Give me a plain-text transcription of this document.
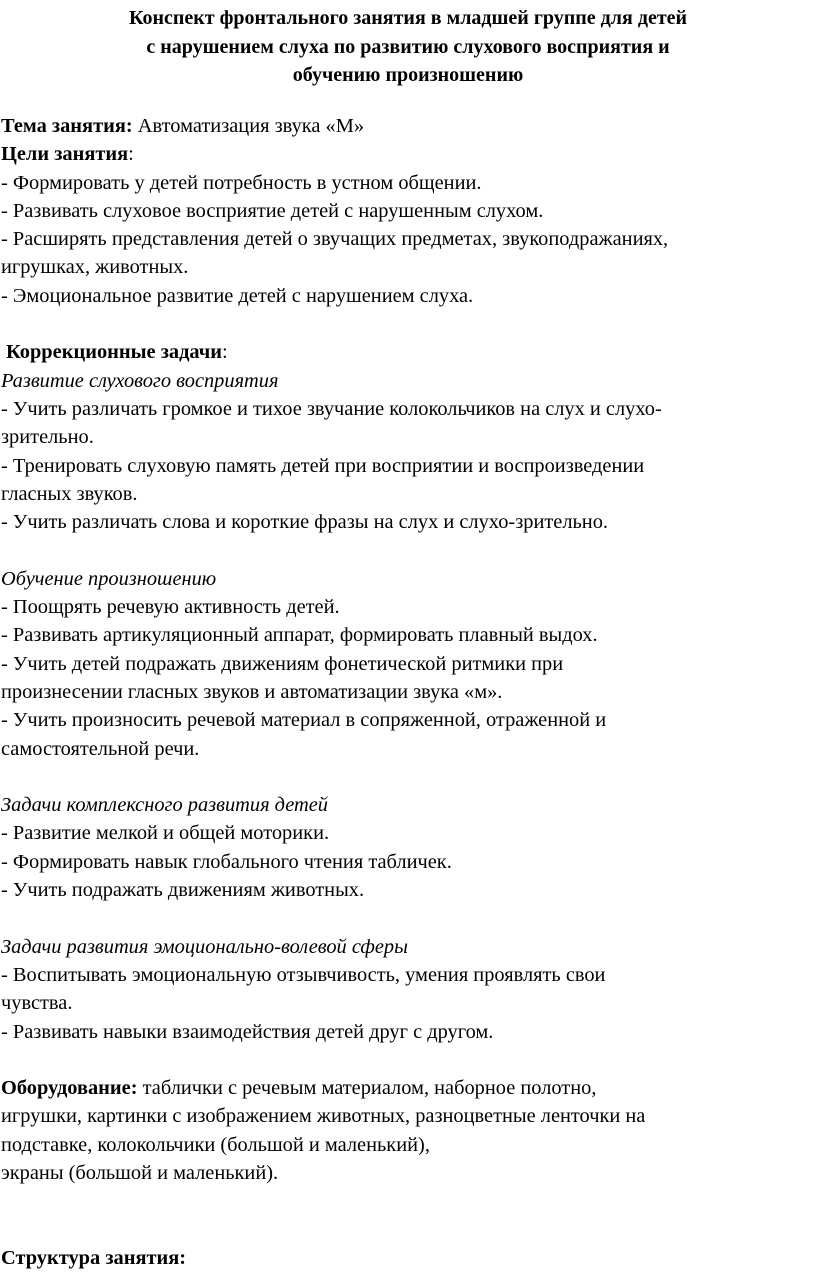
Конспект фронтального занятия в младшей группе для детей
с нарушением слуха по развитию слухового восприятия и
обучению произношению
Тема занятия: Автоматизация звука «М»
Цели занятия:
- Формировать у детей потребность в устном общении.
- Развивать слуховое восприятие детей с нарушенным слухом.
- Расширять представления детей о звучащих предметах, звукоподражаниях,
игрушках, животных.
- Эмоциональное развитие детей с нарушением слуха.
Коррекционные задачи:
Развитие слухового восприятия
- Учить различать громкое и тихое звучание колокольчиков на слух и слухо-
зрительно.
- Тренировать слуховую память детей при восприятии и воспроизведении
гласных звуков.
- Учить различать слова и короткие фразы на слух и слухо-зрительно.
Обучение произношению
- Поощрять речевую активность детей.
- Развивать артикуляционный аппарат, формировать плавный выдох.
- Учить детей подражать движениям фонетической ритмики при
произнесении гласных звуков и автоматизации звука «м».
- Учить произносить речевой материал в сопряженной, отраженной и
самостоятельной речи.
Задачи комплексного развития детей
- Развитие мелкой и общей моторики.
- Формировать навык глобального чтения табличек.
- Учить подражать движениям животных.
Задачи развития эмоционально-волевой сферы
- Воспитывать эмоциональную отзывчивость, умения проявлять свои
чувства.
- Развивать навыки взаимодействия детей друг с другом.
Оборудование: таблички с речевым материалом, наборное полотно,
игрушки, картинки с изображением животных, разноцветные ленточки на
подставке, колокольчики (большой и маленький),
экраны (большой и маленький).
Структура занятия:
